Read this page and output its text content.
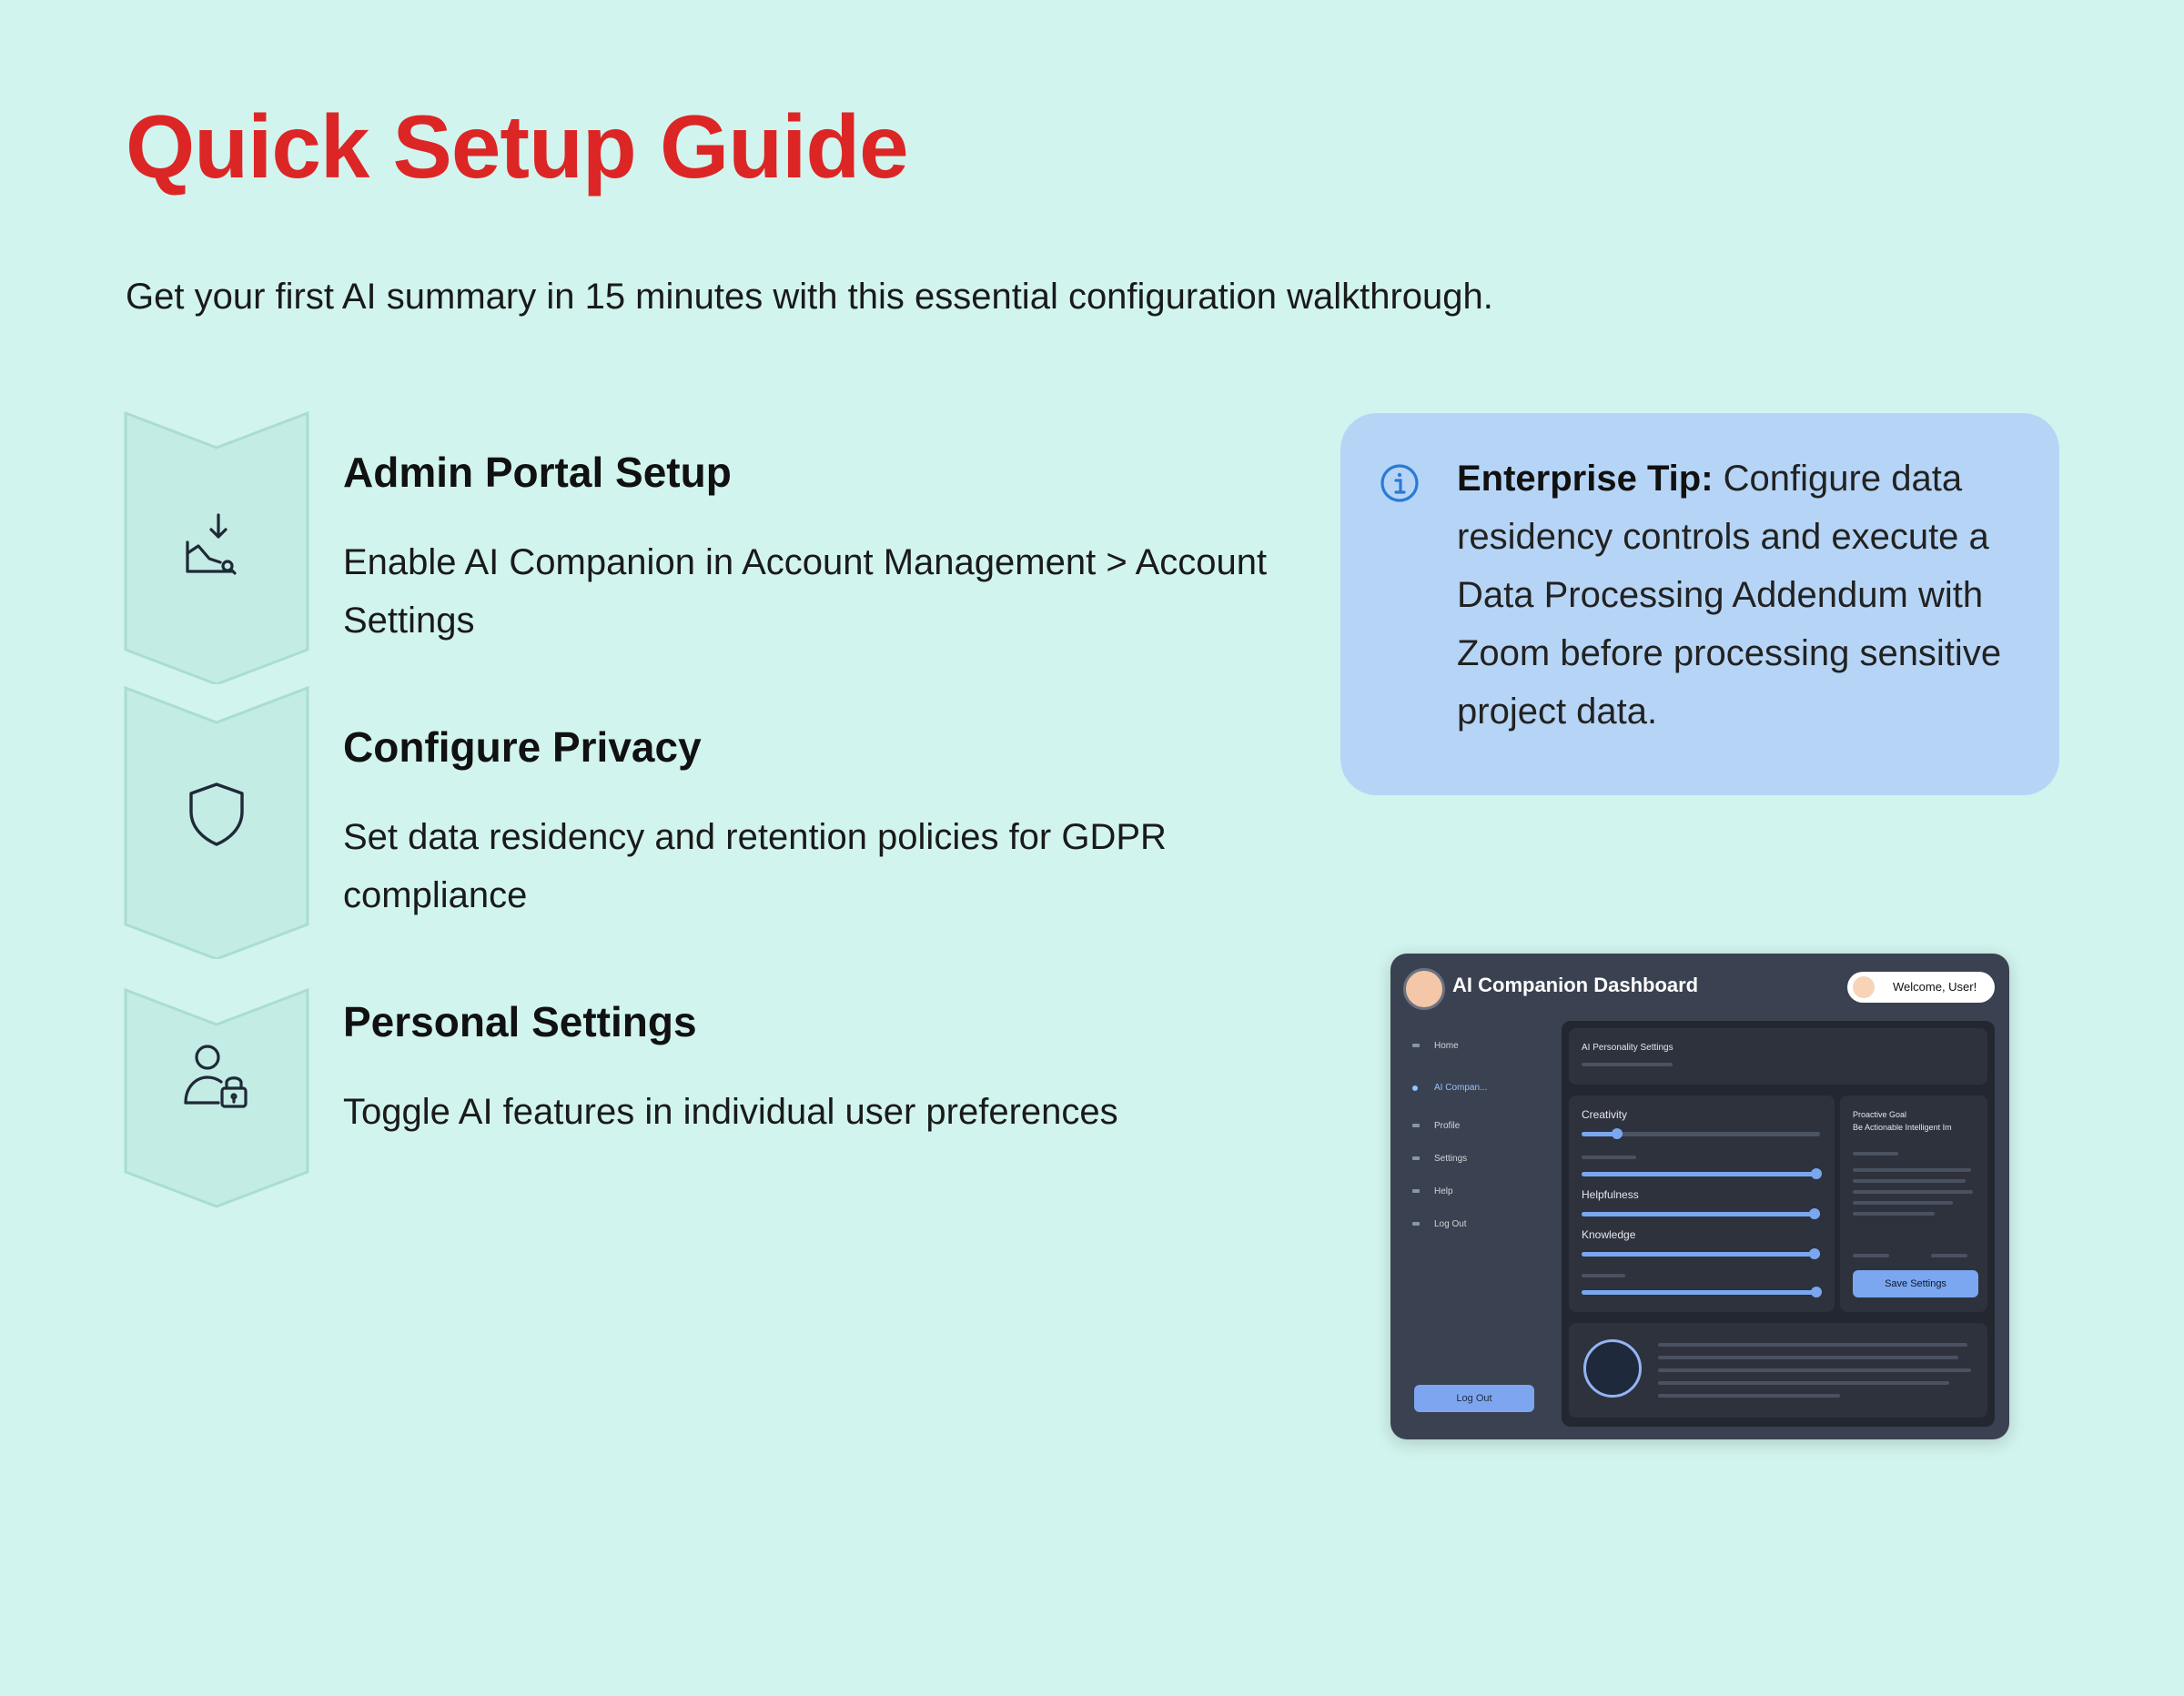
Quick Setup Guide

Get your first AI summary in 15 minutes with this essential configuration walkthrough.

Admin Portal Setup

Enable AI Companion in Account Management > Account Settings

Configure Privacy

Set data residency and retention policies for GDPR compliance

Personal Settings

Toggle AI features in individual user preferences

Enterprise Tip: Configure data residency controls and execute a Data Processing Addendum with Zoom before processing sensitive project data.

AI Companion Dashboard	Welcome, User!
Home
AI Compan...
Profile
Settings
Help
Log Out
Log Out
AI Personality Settings
Creativity
Helpfulness
Knowledge
Proactive Goal
Be Actionable Intelligent Im
Save Settings
